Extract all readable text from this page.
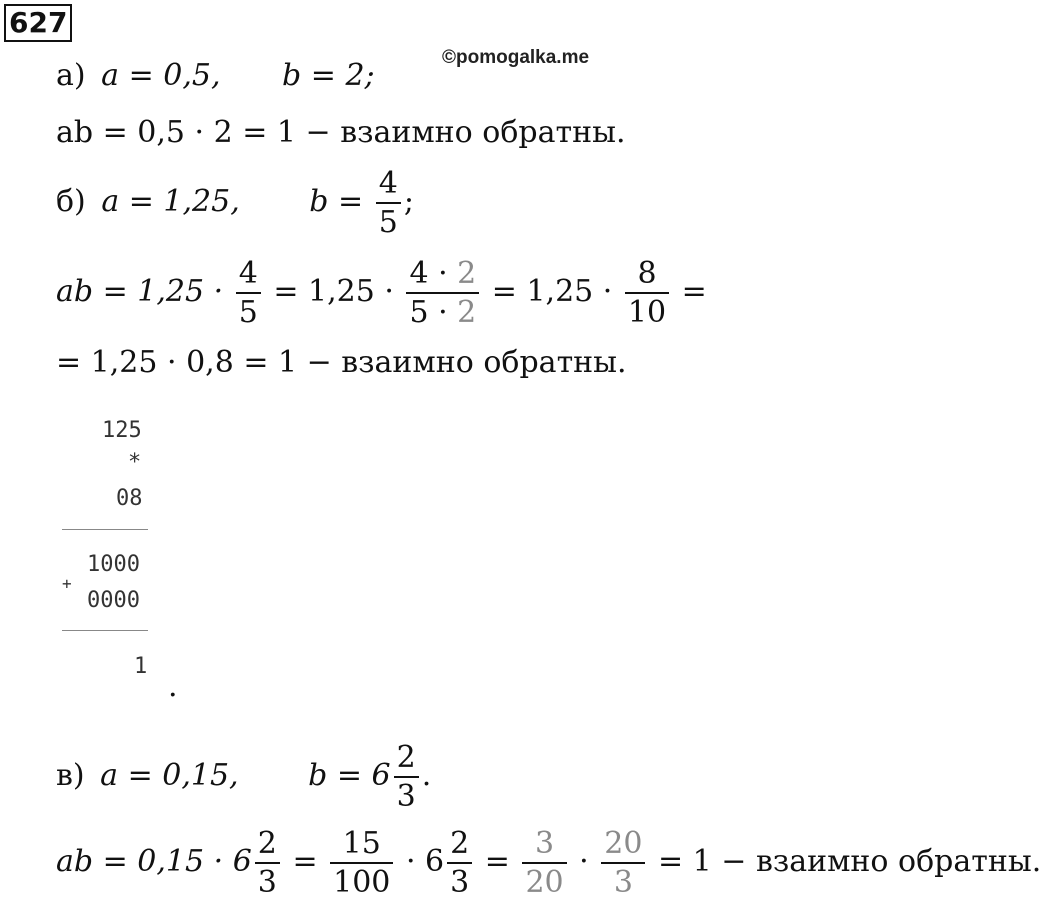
627
©pomogalka.me
а) a = 0,5, b = 2;
ab = 0,5 · 2 = 1 − взаимно обратны.
б) a = 1,25, $b = \frac{4}{5}$ ;
ab = $1,25 \cdot \frac{4}{5} = 1,25 \cdot \frac{4 \cdot 2}{5 \cdot 2} = 1,25 \cdot \frac{8}{10}$ =
= 1,25 · 0,8 = 1 − взаимно обратны.
125
*
08
1000
+
0000
1
.
в) a = 0,15, $b = 6 \frac{2}{3}$ .
ab = $0,15 \cdot 6 \frac{2}{3} = \frac{15}{100} \cdot 6 \frac{2}{3} = \frac{3}{20} \cdot \frac{20}{3} = 1$ − взаимно обратны.
